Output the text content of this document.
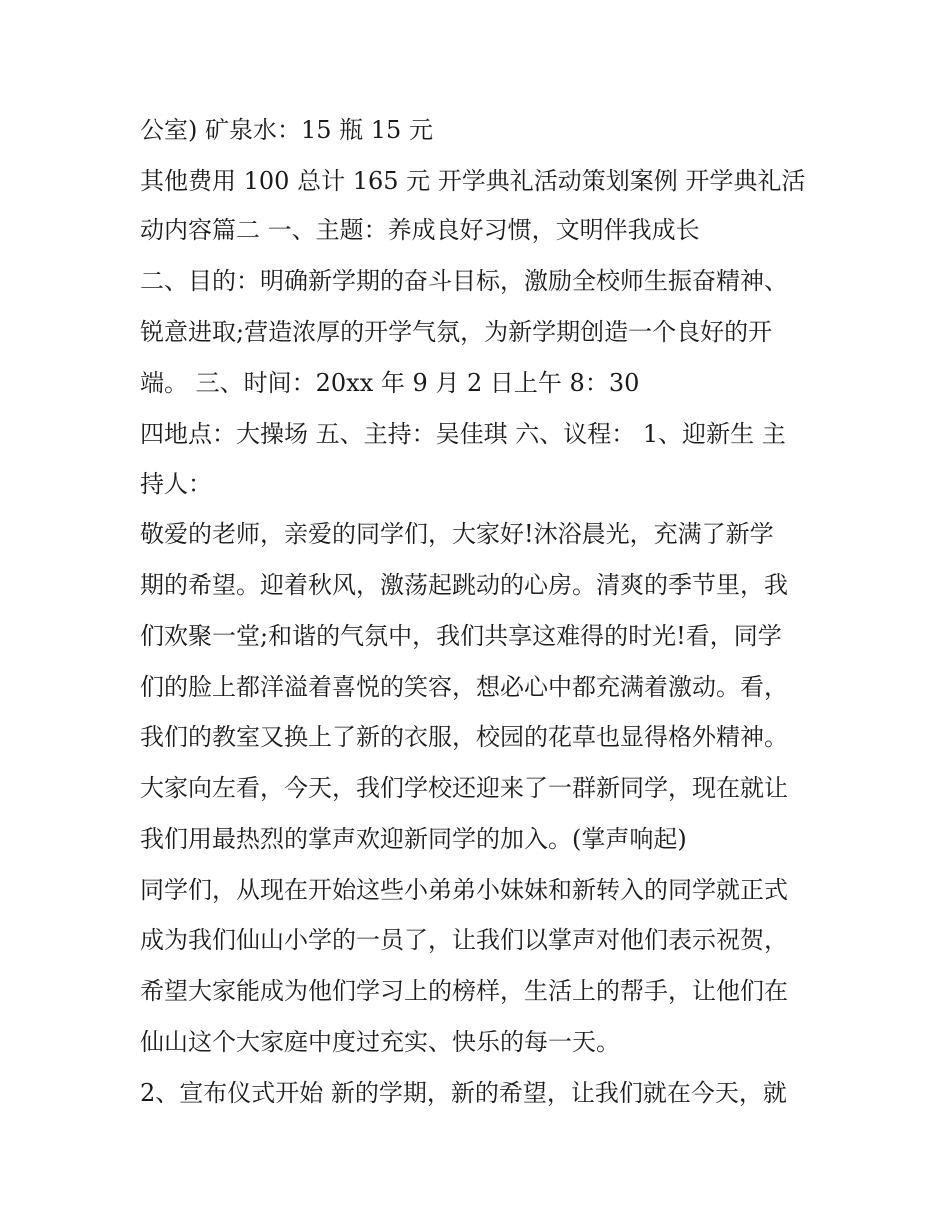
公室) 矿泉水：15 瓶 15 元

其他费用 100 总计 165 元 开学典礼活动策划案例 开学典礼活

动内容篇二 一、主题：养成良好习惯，文明伴我成长

二、目的：明确新学期的奋斗目标，激励全校师生振奋精神、

锐意进取;营造浓厚的开学气氛，为新学期创造一个良好的开

端。 三、时间：20xx 年 9 月 2 日上午 8：30

四地点：大操场 五、主持：吴佳琪 六、议程： 1、迎新生 主

持人：

敬爱的老师，亲爱的同学们，大家好!沐浴晨光，充满了新学

期的希望。迎着秋风，激荡起跳动的心房。清爽的季节里，我

们欢聚一堂;和谐的气氛中，我们共享这难得的时光!看，同学

们的脸上都洋溢着喜悦的笑容，想必心中都充满着激动。看，

我们的教室又换上了新的衣服，校园的花草也显得格外精神。

大家向左看，今天，我们学校还迎来了一群新同学，现在就让

我们用最热烈的掌声欢迎新同学的加入。(掌声响起)

同学们，从现在开始这些小弟弟小妹妹和新转入的同学就正式

成为我们仙山小学的一员了，让我们以掌声对他们表示祝贺，

希望大家能成为他们学习上的榜样，生活上的帮手，让他们在

仙山这个大家庭中度过充实、快乐的每一天。

2、宣布仪式开始 新的学期，新的希望，让我们就在今天，就
